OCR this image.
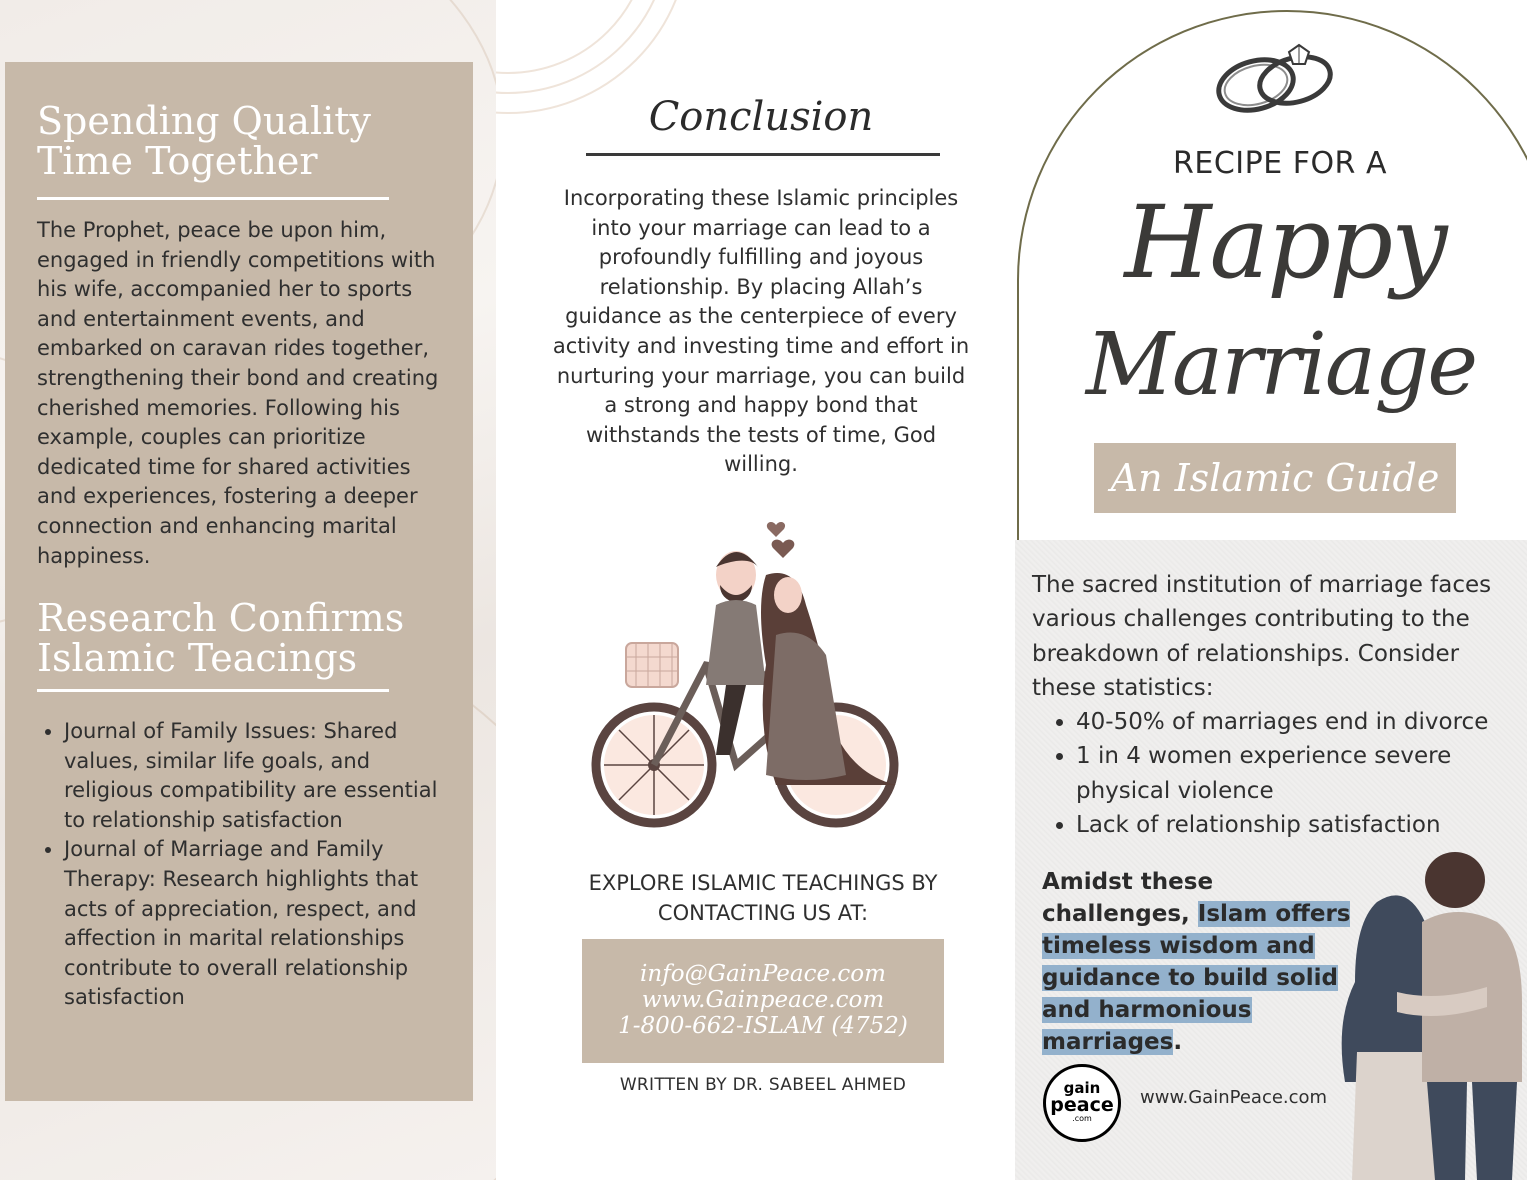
Spending Quality Time Together

The Prophet, peace be upon him, engaged in friendly competitions with his wife, accompanied her to sports and entertainment events, and embarked on caravan rides together, strengthening their bond and creating cherished memories. Following his example, couples can prioritize dedicated time for shared activities and experiences, fostering a deeper connection and enhancing marital happiness.

Research Confirms Islamic Teacings
• Journal of Family Issues: Shared values, similar life goals, and religious compatibility are essential to relationship satisfaction
• Journal of Marriage and Family Therapy: Research highlights that acts of appreciation, respect, and affection in marital relationships contribute to overall relationship satisfaction
Conclusion

Incorporating these Islamic principles into your marriage can lead to a profoundly fulfilling and joyous relationship. By placing Allah’s guidance as the centerpiece of every activity and investing time and effort in nurturing your marriage, you can build a strong and happy bond that withstands the tests of time, God willing.

EXPLORE ISLAMIC TEACHINGS BY CONTACTING US AT:
info@GainPeace.com
www.Gainpeace.com
1-800-662-ISLAM (4752)
WRITTEN BY DR. SABEEL AHMED
RECIPE FOR A
Happy
Marriage
An Islamic Guide

The sacred institution of marriage faces various challenges contributing to the breakdown of relationships. Consider these statistics:

• 40-50% of marriages end in divorce
• 1 in 4 women experience severe physical violence
• Lack of relationship satisfaction
Amidst these challenges, Islam offers timeless wisdom and guidance to build solid and harmonious marriages.
gain
peace
.com
www.GainPeace.com
